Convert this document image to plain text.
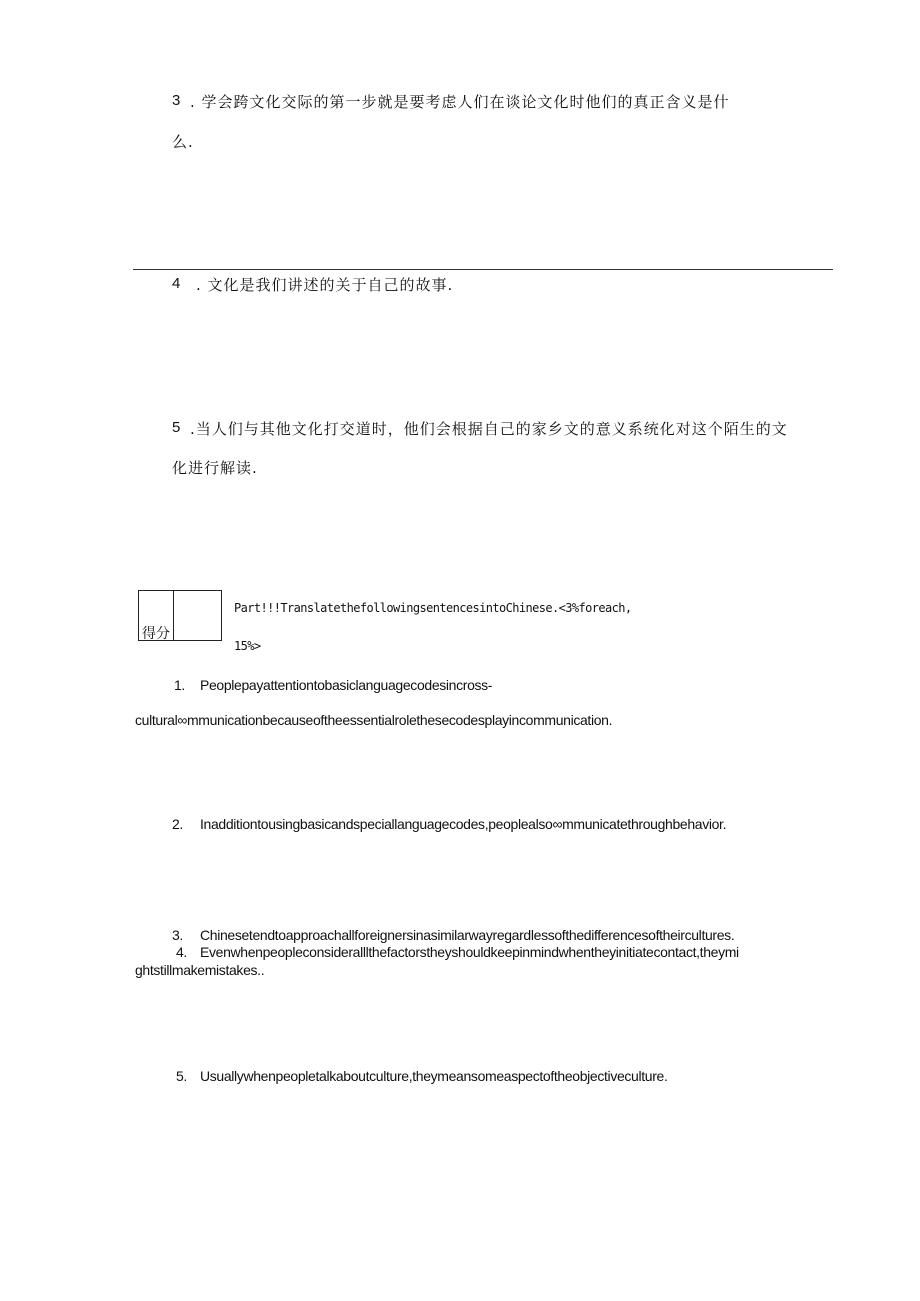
3 . 学会跨文化交际的第一步就是要考虑人们在谈论文化时他们的真正含义是什
么.
4 . 文化是我们讲述的关于自己的故事.
5 .当人们与其他文化打交道时，他们会根据自己的家乡文的意义系统化对这个陌生的文
化进行解读.
得分
Part!!!TranslatethefollowingsentencesintoChinese.<3%foreach,
15%>
1. Peoplepayattentiontobasiclanguagecodesincross-
cultural∞mmunicationbecauseoftheessentialrolethesecodesplayincommunication.
2. Inadditiontousingbasicandspeciallanguagecodes,peoplealso∞mmunicatethroughbehavior.
3. Chinesetendtoapproachallforeignersinasimilarwayregardlessofthedifferencesoftheircultures.
4. Evenwhenpeopleconsideralllthefactorstheyshouldkeepinmindwhentheyinitiatecontact,theymi
ghtstillmakemistakes..
5. Usuallywhenpeopletalkaboutculture,theymeansomeaspectoftheobjectiveculture.
